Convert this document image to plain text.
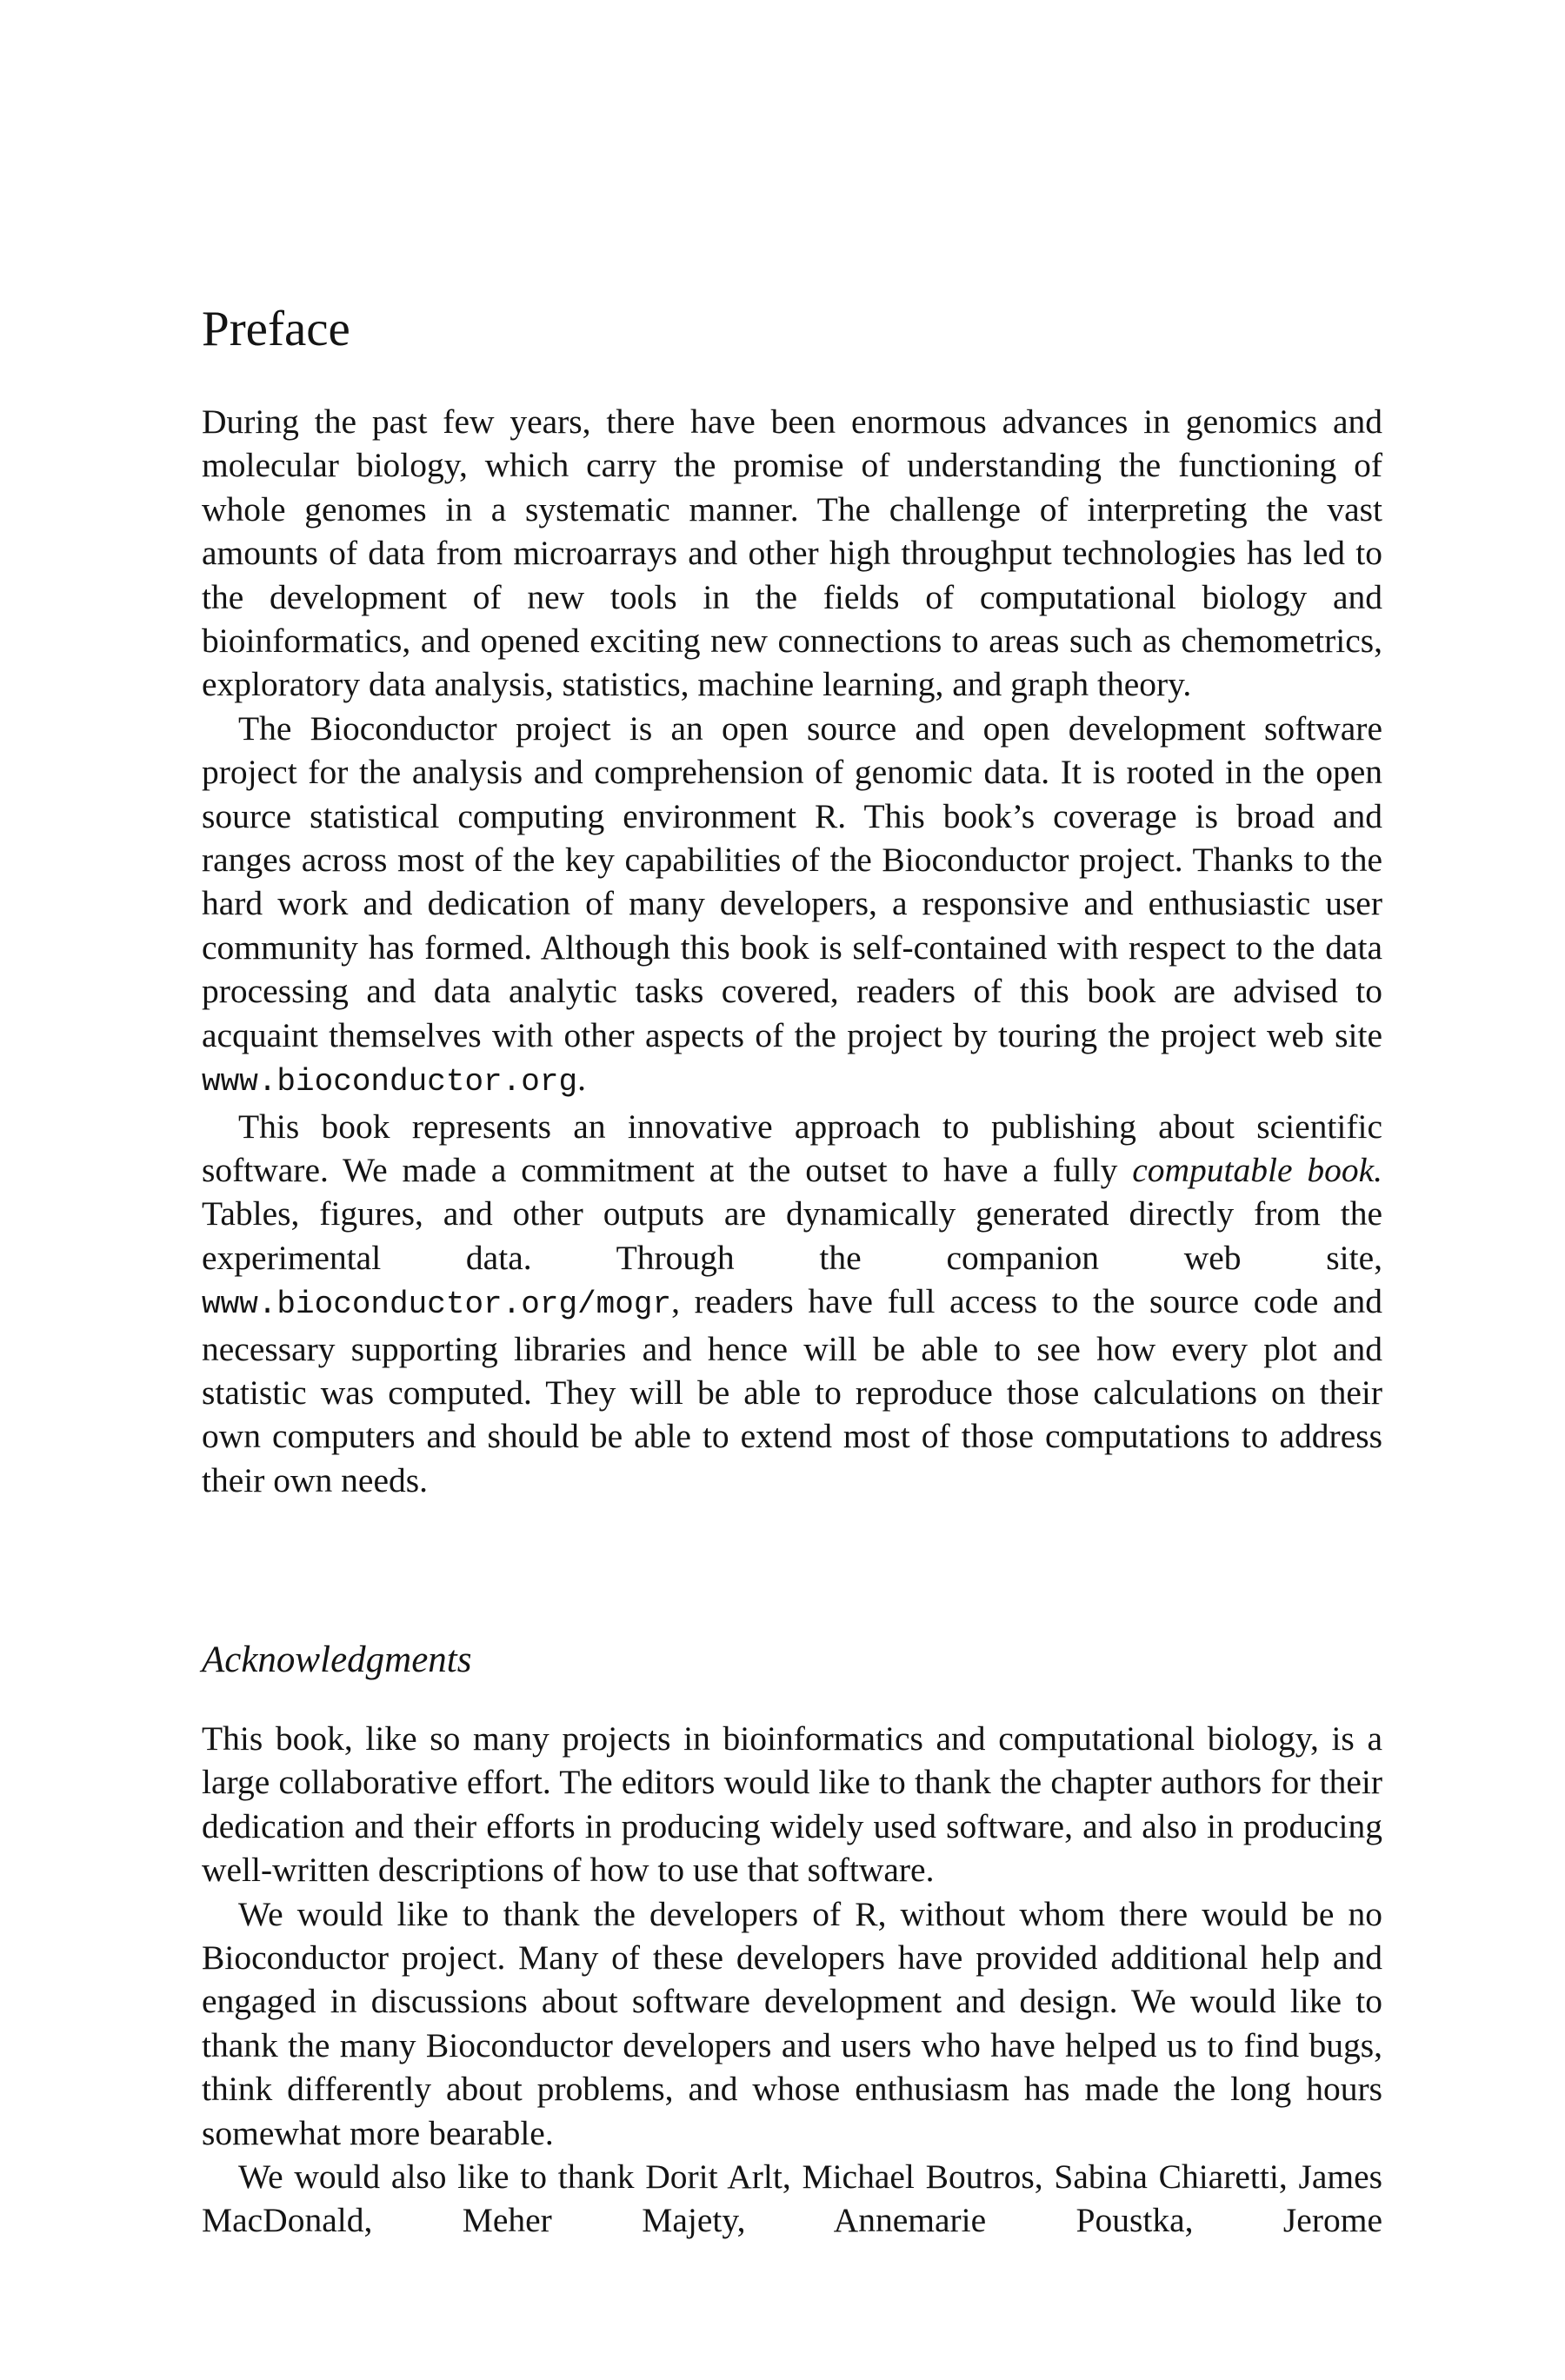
Preface

During the past few years, there have been enormous advances in genomics and molecular biology, which carry the promise of understanding the functioning of whole genomes in a systematic manner. The challenge of interpreting the vast amounts of data from microarrays and other high throughput technologies has led to the development of new tools in the fields of computational biology and bioinformatics, and opened exciting new connections to areas such as chemometrics, exploratory data analysis, statistics, machine learning, and graph theory.

The Bioconductor project is an open source and open development software project for the analysis and comprehension of genomic data. It is rooted in the open source statistical computing environment R. This book’s coverage is broad and ranges across most of the key capabilities of the Bioconductor project. Thanks to the hard work and dedication of many developers, a responsive and enthusiastic user community has formed. Although this book is self-contained with respect to the data processing and data analytic tasks covered, readers of this book are advised to acquaint themselves with other aspects of the project by touring the project web site www.bioconductor.org.

This book represents an innovative approach to publishing about scientific software. We made a commitment at the outset to have a fully computable book. Tables, figures, and other outputs are dynamically generated directly from the experimental data. Through the companion web site, www.bioconductor.org/mogr, readers have full access to the source code and necessary supporting libraries and hence will be able to see how every plot and statistic was computed. They will be able to reproduce those calculations on their own computers and should be able to extend most of those computations to address their own needs.

Acknowledgments

This book, like so many projects in bioinformatics and computational biology, is a large collaborative effort. The editors would like to thank the chapter authors for their dedication and their efforts in producing widely used software, and also in producing well-written descriptions of how to use that software.

We would like to thank the developers of R, without whom there would be no Bioconductor project. Many of these developers have provided additional help and engaged in discussions about software development and design. We would like to thank the many Bioconductor developers and users who have helped us to find bugs, think differently about problems, and whose enthusiasm has made the long hours somewhat more bearable.

We would also like to thank Dorit Arlt, Michael Boutros, Sabina Chiaretti, James MacDonald, Meher Majety, Annemarie Poustka, Jerome
